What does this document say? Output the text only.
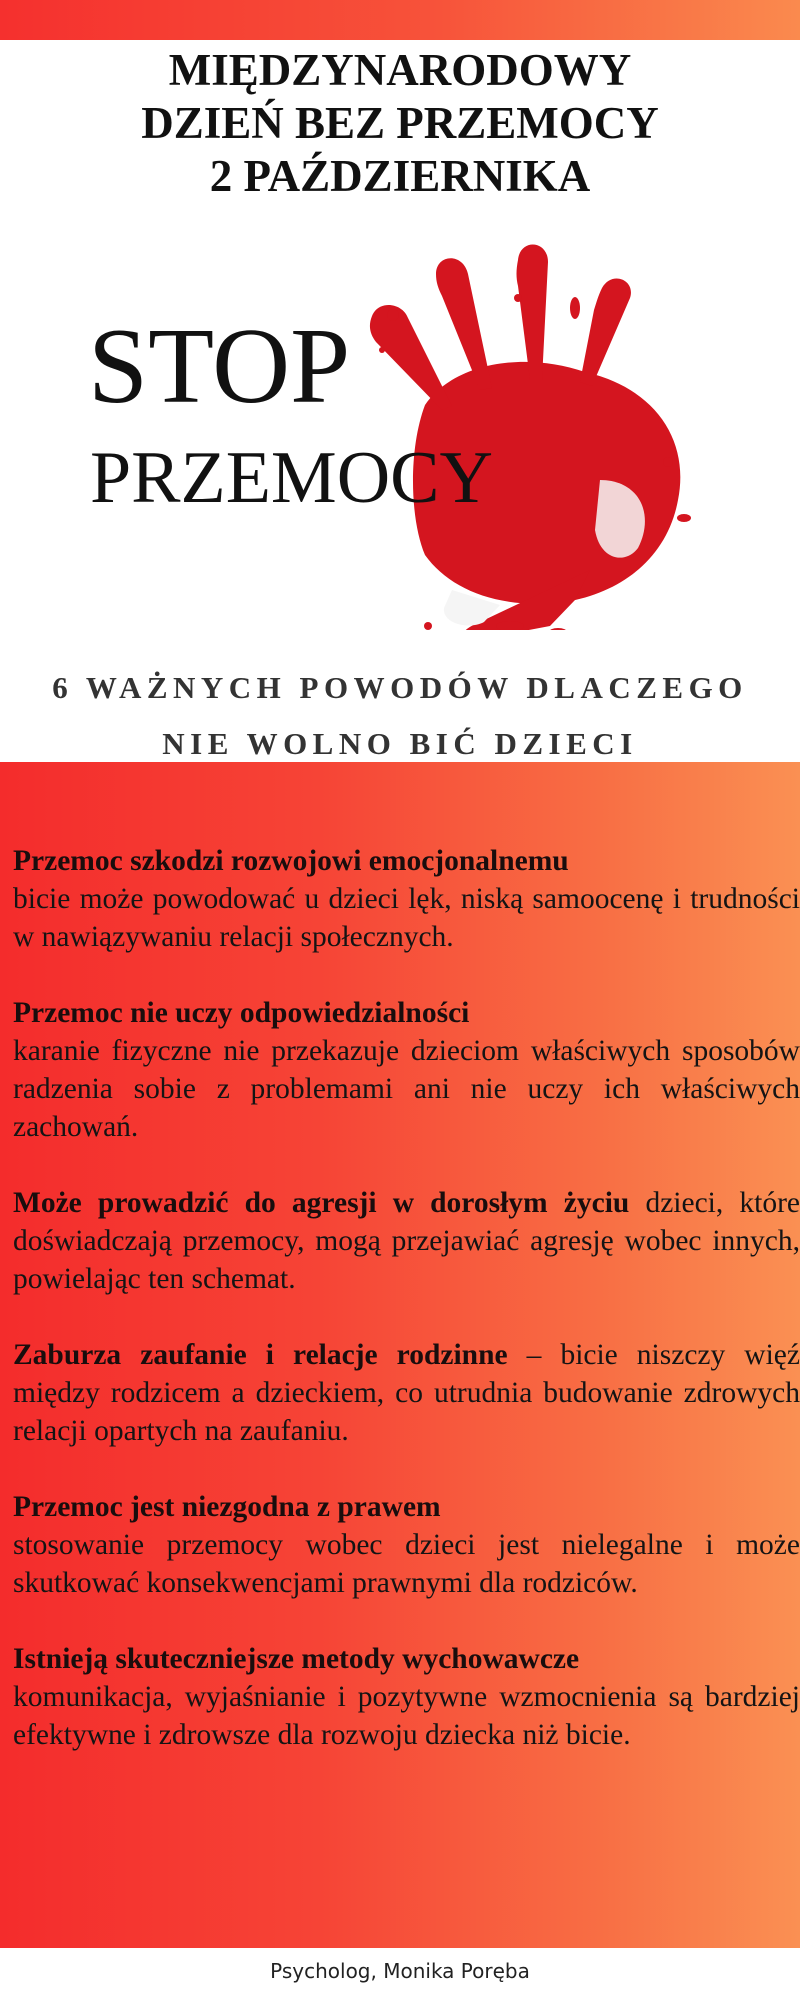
MIĘDZYNARODOWY
DZIEŃ BEZ PRZEMOCY
2 PAŹDZIERNIKA
STOP
PRZEMOCY
6 WAŻNYCH POWODÓW DLACZEGO
NIE WOLNO BIĆ DZIECI
Przemoc szkodzi rozwojowi emocjonalnemu
bicie może powodować u dzieci lęk, niską samoocenę i trudności w nawiązywaniu relacji społecznych.
Przemoc nie uczy odpowiedzialności
karanie fizyczne nie przekazuje dzieciom właściwych sposobów radzenia sobie z problemami ani nie uczy ich właściwych zachowań.
Może prowadzić do agresji w dorosłym życiu dzieci, które doświadczają przemocy, mogą przejawiać agresję wobec innych, powielając ten schemat.
Zaburza zaufanie i relacje rodzinne – bicie niszczy więź między rodzicem a dzieckiem, co utrudnia budowanie zdrowych relacji opartych na zaufaniu.
Przemoc jest niezgodna z prawem
stosowanie przemocy wobec dzieci jest nielegalne i może skutkować konsekwencjami prawnymi dla rodziców.
Istnieją skuteczniejsze metody wychowawcze
komunikacja, wyjaśnianie i pozytywne wzmocnienia są bardziej efektywne i zdrowsze dla rozwoju dziecka niż bicie.

Psycholog, Monika Poręba
